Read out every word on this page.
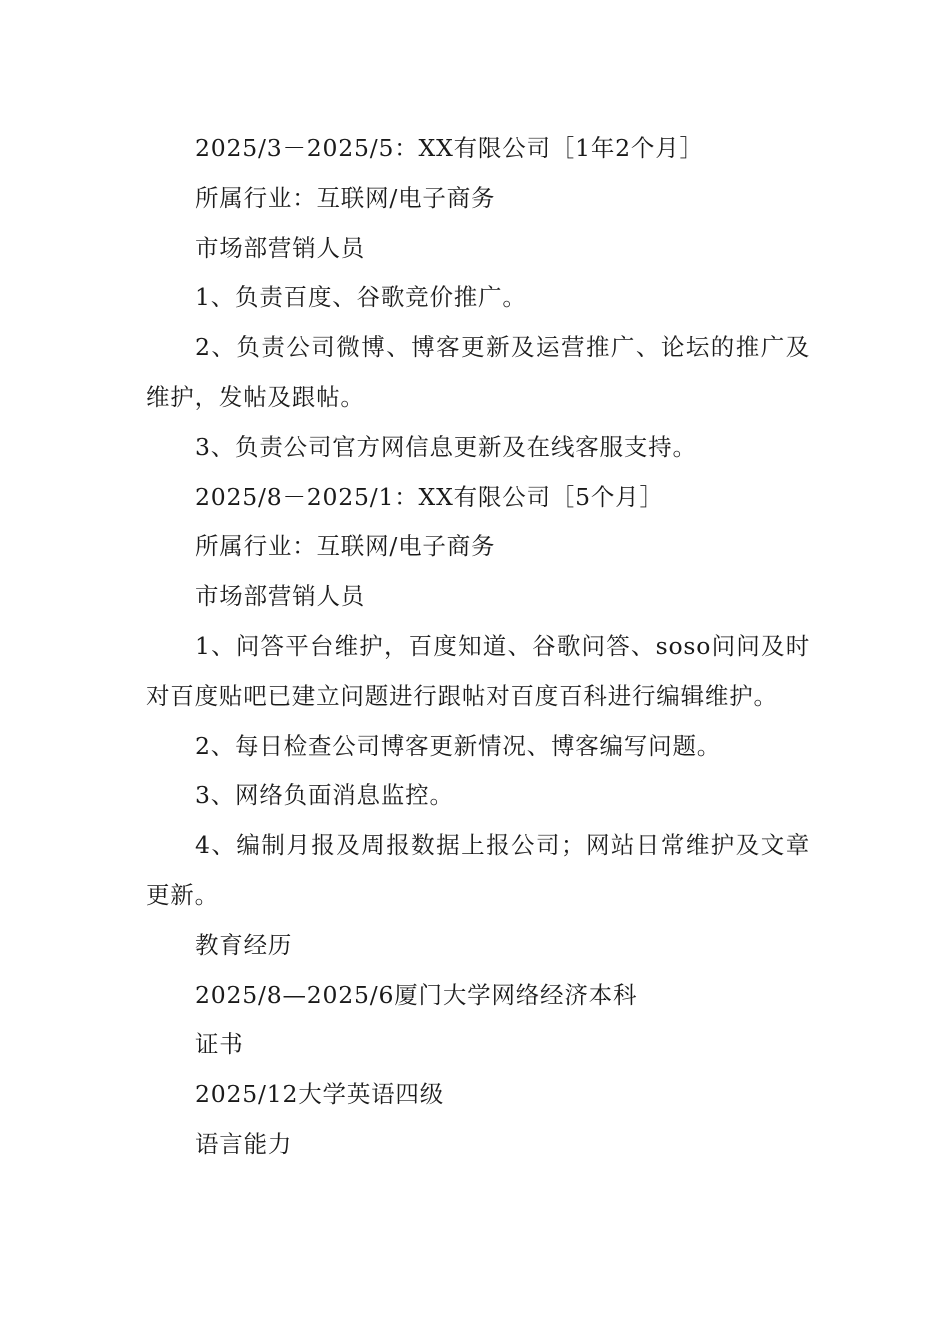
2025/3－2025/5：XX有限公司［1年2个月］

所属行业：互联网/电子商务

市场部营销人员

1、负责百度、谷歌竞价推广。

2、负责公司微博、博客更新及运营推广、论坛的推广及维护，发帖及跟帖。

3、负责公司官方网信息更新及在线客服支持。

2025/8－2025/1：XX有限公司［5个月］

所属行业：互联网/电子商务

市场部营销人员

1、问答平台维护，百度知道、谷歌问答、soso问问及时对百度贴吧已建立问题进行跟帖对百度百科进行编辑维护。

2、每日检查公司博客更新情况、博客编写问题。

3、网络负面消息监控。

4、编制月报及周报数据上报公司；网站日常维护及文章更新。

教育经历

2025/8—2025/6厦门大学网络经济本科

证书

2025/12大学英语四级

语言能力
